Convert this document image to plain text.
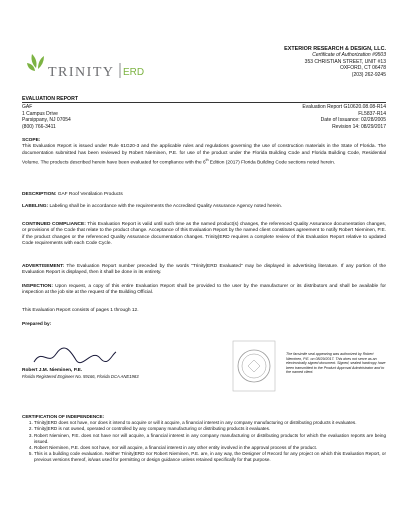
TRINITY ERD
EXTERIOR RESEARCH & DESIGN, LLC.
Certificate of Authorization #9503
353 CHRISTIAN STREET, UNIT #13
OXFORD, CT 06478
(203) 262-9245
EVALUATION REPORT
GAF
1 Campus Drive
Parsippany, NJ 07054
(800) 766-3411
Evaluation Report G10620.08.08-R14
FL5837-R14
Date of Issuance: 02/28/2005
Revision 14: 08/29/2017
SCOPE:
This Evaluation Report is issued under Rule 61G20-3 and the applicable rules and regulations governing the use of construction materials in the State of Florida. The documentation submitted has been reviewed by Robert Nieminen, P.E. for use of the product under the Florida Building Code and Florida Building Code, Residential Volume. The products described herein have been evaluated for compliance with the 6th Edition (2017) Florida Building Code sections noted herein.
DESCRIPTION: GAF Roof Ventilation Products
LABELING: Labeling shall be in accordance with the requirements the Accredited Quality Assurance Agency noted herein.
CONTINUED COMPLIANCE: This Evaluation Report is valid until such time as the named product(s) changes, the referenced Quality Assurance documentation changes, or provisions of the Code that relate to the product change. Acceptance of this Evaluation Report by the named client constitutes agreement to notify Robert Nieminen, P.E. if the product changes or the referenced Quality Assurance documentation changes. Trinity|ERD requires a complete review of this Evaluation Report relative to updated Code requirements with each Code Cycle.
ADVERTISEMENT: The Evaluation Report number preceded by the words "Trinity|ERD Evaluated" may be displayed in advertising literature. If any portion of the Evaluation Report is displayed, then it shall be done in its entirety.
INSPECTION: Upon request, a copy of this entire Evaluation Report shall be provided to the user by the manufacturer or its distributors and shall be available for inspection at the job site at the request of the Building Official.
This Evaluation Report consists of pages 1 through 12.
Prepared by:
Robert J.M. Nieminen, P.E.
Florida Registered Engineer No. 59166, Florida DCA ANE1983
The facsimile seal appearing was authorized by Robert Nieminen, P.E. on 08/29/2017. This does not serve as an electronically signed document. Signed, sealed hardcopy have been transmitted to the Product Approval Administrator and to the named client.
CERTIFICATION OF INDEPENDENCE:
1. Trinity|ERD does not have, nor does it intend to acquire or will it acquire, a financial interest in any company manufacturing or distributing products it evaluates.
2. Trinity|ERD is not owned, operated or controlled by any company manufacturing or distributing products it evaluates.
3. Robert Nieminen, P.E. does not have nor will acquire, a financial interest in any company manufacturing or distributing products for which the evaluation reports are being issued.
4. Robert Nieminen, P.E. does not have, nor will acquire, a financial interest in any other entity involved in the approval process of the product.
5. This is a building code evaluation. Neither Trinity|ERD nor Robert Nieminen, P.E. are, in any way, the Designer of Record for any project on which this Evaluation Report, or previous versions thereof, is/was used for permitting or design guidance unless retained specifically for that purpose.
